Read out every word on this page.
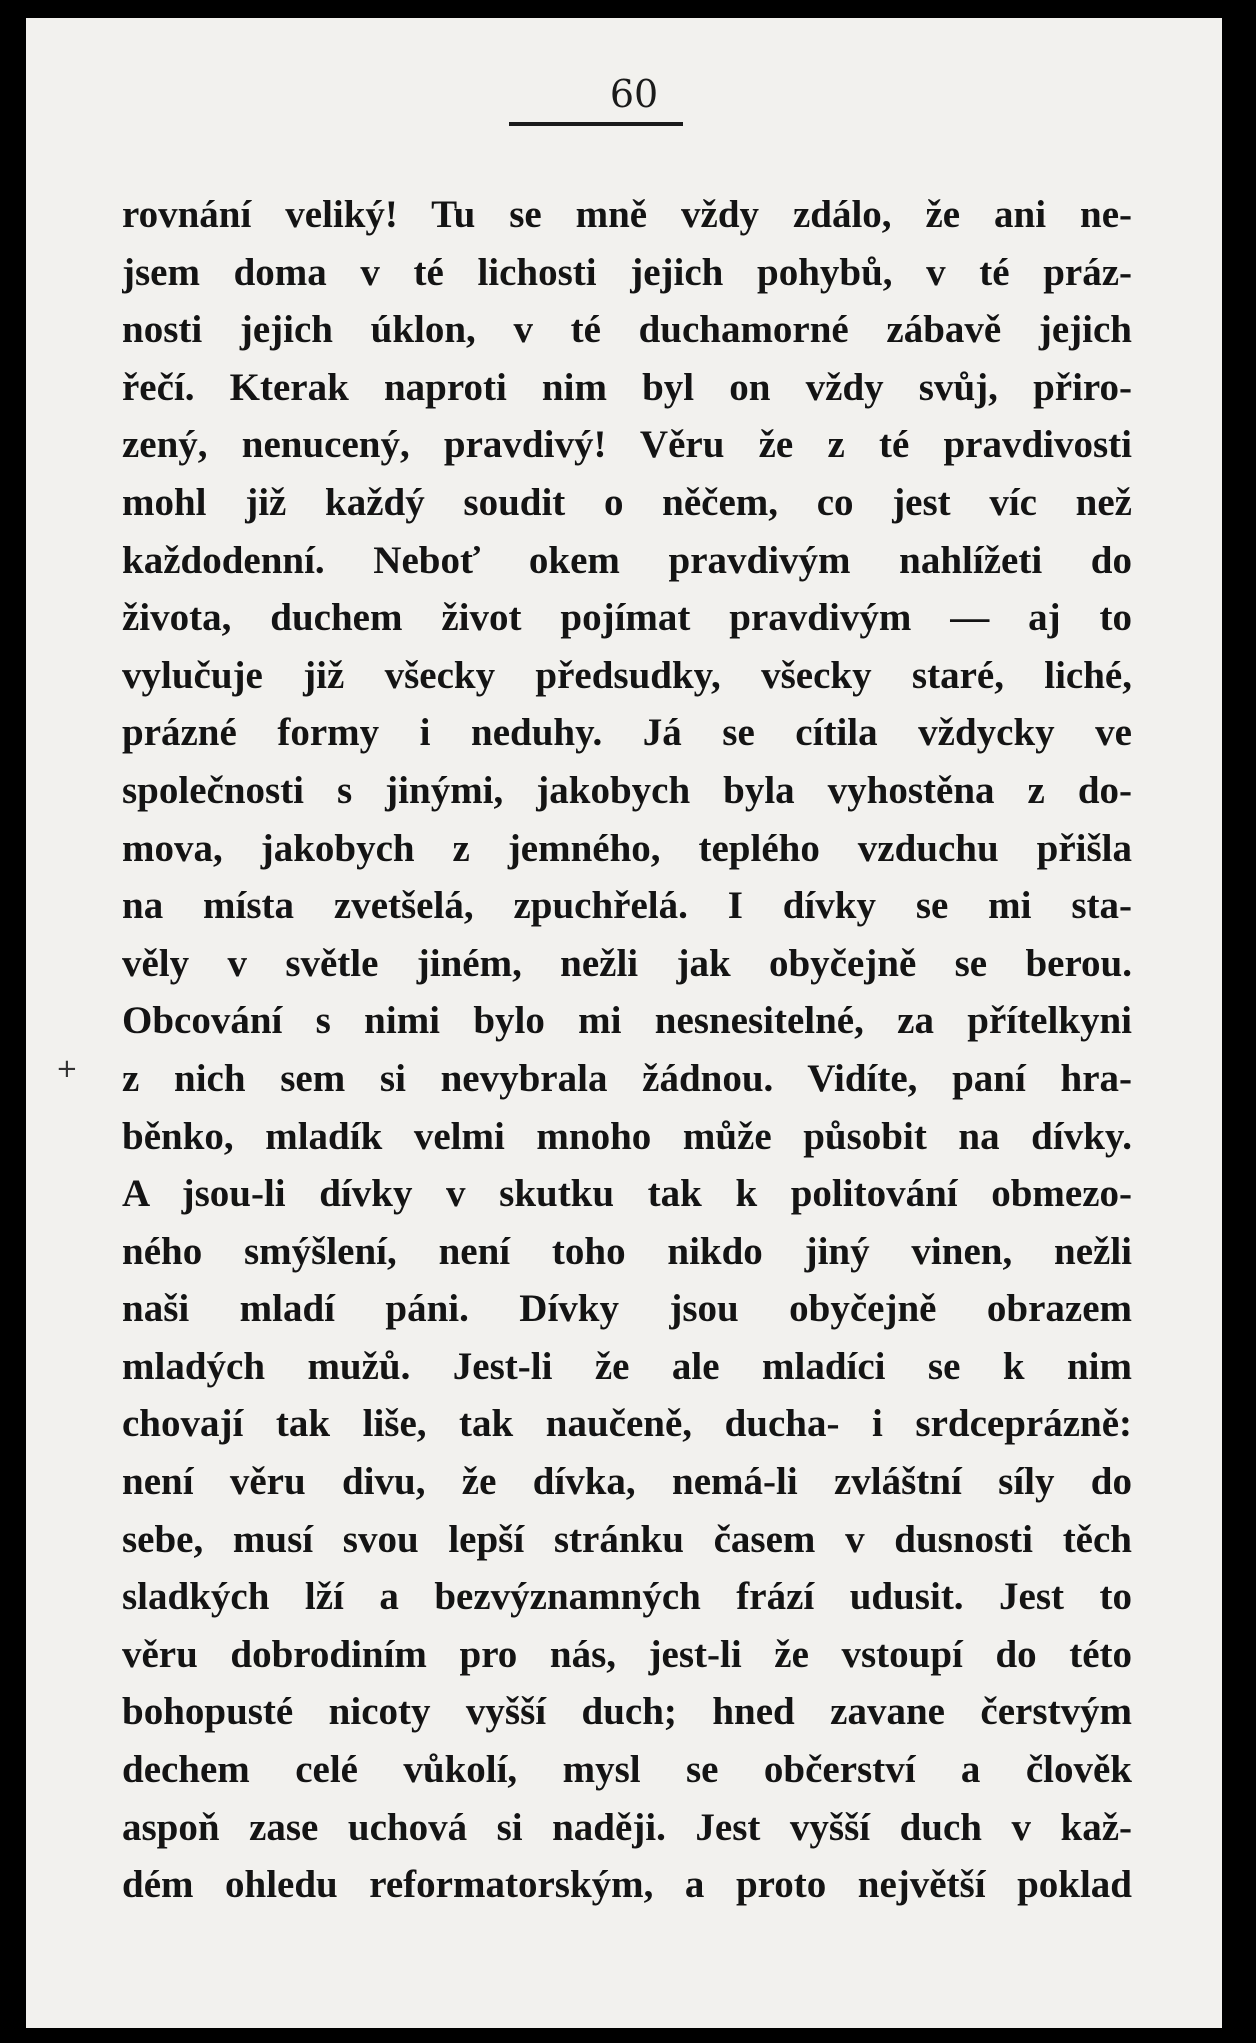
60
+
rovnání veliký! Tu se mně vždy zdálo, že ani ne-
jsem doma v té lichosti jejich pohybů, v té práz-
nosti jejich úklon, v té duchamorné zábavě jejich
řečí. Kterak naproti nim byl on vždy svůj, přiro-
zený, nenucený, pravdivý! Věru že z té pravdivosti
mohl již každý soudit o něčem, co jest víc než
každodenní. Neboť okem pravdivým nahlížeti do
života, duchem život pojímat pravdivým — aj to
vylučuje již všecky předsudky, všecky staré, liché,
prázné formy i neduhy. Já se cítila vždycky ve
společnosti s jinými, jakobych byla vyhostěna z do-
mova, jakobych z jemného, teplého vzduchu přišla
na místa zvetšelá, zpuchřelá. I dívky se mi sta-
věly v světle jiném, nežli jak obyčejně se berou.
Obcování s nimi bylo mi nesnesitelné, za přítelkyni
z nich sem si nevybrala žádnou. Vidíte, paní hra-
běnko, mladík velmi mnoho může působit na dívky.
A jsou-li dívky v skutku tak k politování obmezo-
ného smýšlení, není toho nikdo jiný vinen, nežli
naši mladí páni. Dívky jsou obyčejně obrazem
mladých mužů. Jest-li že ale mladíci se k nim
chovají tak liše, tak naučeně, ducha- i srdceprázně:
není věru divu, že dívka, nemá-li zvláštní síly do
sebe, musí svou lepší stránku časem v dusnosti těch
sladkých lží a bezvýznamných frází udusit. Jest to
věru dobrodiním pro nás, jest-li že vstoupí do této
bohopusté nicoty vyšší duch; hned zavane čerstvým
dechem celé vůkolí, mysl se občerství a člověk
aspoň zase uchová si naději. Jest vyšší duch v kaž-
dém ohledu reformatorským, a proto největší poklad
